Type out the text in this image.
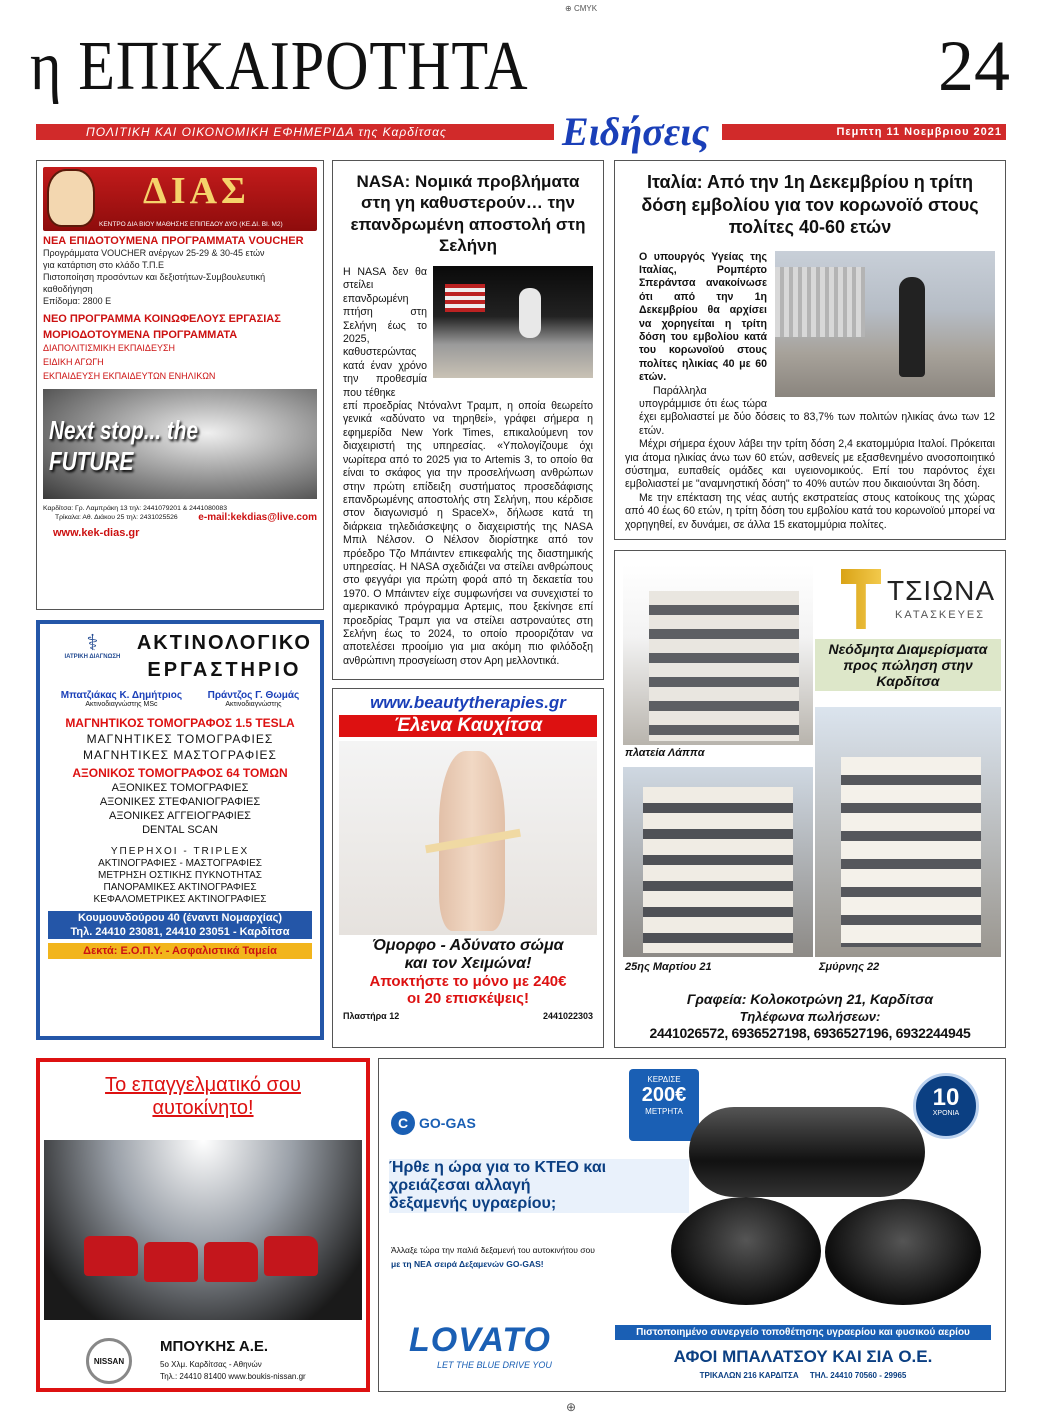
⊕ CMYK
η ΕΠΙΚΑΙΡΟΤΗΤΑ	24
ΠΟΛΙΤΙΚΗ ΚΑΙ ΟΙΚΟΝΟΜΙΚΗ ΕΦΗΜΕΡΙΔΑ της Καρδίτσας	Ειδήσεις	Πεμπτη 11 Νοεμβριου 2021
ΔΙΑΣ
ΚΕΝΤΡΟ ΔΙΑ ΒΙΟΥ ΜΑΘΗΣΗΣ ΕΠΙΠΕΔΟΥ ΔΥΟ (ΚΕ.ΔΙ. ΒΙ. Μ2)
ΝΕΑ ΕΠΙΔΟΤΟΥΜΕΝΑ ΠΡΟΓΡΑΜΜΑΤΑ VOUCHER
Προγράμματα VOUCHER ανέργων 25-29 & 30-45 ετών
για κατάρτιση στο κλάδο Τ.Π.Ε
Πιστοποίηση προσόντων και δεξιοτήτων-Συμβουλευτική καθοδήγηση
Επίδομα: 2800 Ε
ΝΕΟ ΠΡΟΓΡΑΜΜΑ ΚΟΙΝΩΦΕΛΟΥΣ ΕΡΓΑΣΙΑΣ
ΜΟΡΙΟΔΟΤΟΥΜΕΝΑ ΠΡΟΓΡΑΜΜΑΤΑ
ΔΙΑΠΟΛΙΤΙΣΜΙΚΗ ΕΚΠΑΙΔΕΥΣΗ
ΕΙΔΙΚΗ ΑΓΩΓΗ
ΕΚΠΑΙΔΕΥΣΗ ΕΚΠΑΙΔΕΥΤΩΝ ΕΝΗΛΙΚΩΝ
Next stop... the FUTURE
Καρδίτσα: Γρ. Λαμπράκη 13 τηλ: 2441079201 & 2441080083
Τρίκαλα: Αθ. Διάκου 25 τηλ: 2431025526 e-mail:kekdias@live.com
www.kek-dias.gr
⚕
ΙΑΤΡΙΚΗ ΔΙΑΓΝΩΣΗ
ΑΚΤΙΝΟΛΟΓΙΚΟ
ΕΡΓΑΣΤΗΡΙΟ
Μπατζιάκας Κ. Δημήτριος
Ακτινοδιαγνώστης MSc
Πράντζος Γ. Θωμάς
Ακτινοδιαγνώστης
ΜΑΓΝΗΤΙΚΟΣ ΤΟΜΟΓΡΑΦΟΣ 1.5 TESLA
ΜΑΓΝΗΤΙΚΕΣ ΤΟΜΟΓΡΑΦΙΕΣ
ΜΑΓΝΗΤΙΚΕΣ ΜΑΣΤΟΓΡΑΦΙΕΣ
ΑΞΟΝΙΚΟΣ ΤΟΜΟΓΡΑΦΟΣ 64 ΤΟΜΩΝ
ΑΞΟΝΙΚΕΣ ΤΟΜΟΓΡΑΦΙΕΣ
ΑΞΟΝΙΚΕΣ ΣΤΕΦΑΝΙΟΓΡΑΦΙΕΣ
ΑΞΟΝΙΚΕΣ ΑΓΓΕΙΟΓΡΑΦΙΕΣ
DENTAL SCAN
ΥΠΕΡΗΧΟΙ - TRIPLEX
ΑΚΤΙΝΟΓΡΑΦΙΕΣ - ΜΑΣΤΟΓΡΑΦΙΕΣ
ΜΕΤΡΗΣΗ ΟΣΤΙΚΗΣ ΠΥΚΝΟΤΗΤΑΣ
ΠΑΝΟΡΑΜΙΚΕΣ ΑΚΤΙΝΟΓΡΑΦΙΕΣ
ΚΕΦΑΛΟΜΕΤΡΙΚΕΣ ΑΚΤΙΝΟΓΡΑΦΙΕΣ
Κουμουνδούρου 40 (έναντι Νομαρχίας)
Τηλ. 24410 23081, 24410 23051 - Καρδίτσα
Δεκτά: Ε.Ο.Π.Υ. - Ασφαλιστικά Ταμεία
NASA: Νομικά προβλήματα στη γη καθυστερούν… την επανδρωμένη αποστολή στη Σελήνη
Η NASA δεν θα στείλει επανδρωμένη πτήση στη Σελήνη έως το 2025, καθυστερώντας κατά έναν χρόνο την προθεσμία που τέθηκε
επί προεδρίας Ντόναλντ Τραμπ, η οποία θεωρείτο γενικά «αδύνατο να τηρηθεί», γράφει σήμερα η εφημερίδα New York Times, επικαλούμενη τον διαχειριστή της υπηρεσίας. «Υπολογίζουμε όχι νωρίτερα από το 2025 για το Artemis 3, το οποίο θα είναι το σκάφος για την προσελήνωση ανθρώπων στην πρώτη επίδειξη συστήματος προσεδάφισης επανδρωμένης αποστολής στη Σελήνη, που κέρδισε στον διαγωνισμό η SpaceX», δήλωσε κατά τη διάρκεια τηλεδιάσκεψης ο διαχειριστής της NASA Μπιλ Νέλσον. Ο Νέλσον διορίστηκε από τον πρόεδρο Τζο Μπάιντεν επικεφαλής της διαστημικής υπηρεσίας. Η NASA σχεδιάζει να στείλει ανθρώπους στο φεγγάρι για πρώτη φορά από τη δεκαετία του 1970. Ο Μπάιντεν είχε συμφωνήσει να συνεχιστεί το αμερικανικό πρόγραμμα Αρτεμις, που ξεκίνησε επί προεδρίας Τραμπ για να στείλει αστροναύτες στη Σελήνη έως το 2024, το οποίο προοριζόταν να αποτελέσει προοίμιο για μια ακόμη πιο φιλόδοξη ανθρώπινη προσγείωση στον Αρη μελλοντικά.
Ιταλία: Από την 1η Δεκεμβρίου η τρίτη δόση εμβολίου για τον κορωνοϊό στους πολίτες 40-60 ετών
Ο υπουργός Υγείας της Ιταλίας, Ρομπέρτο Σπεράντσα ανακοίνωσε ότι από την 1η Δεκεμβρίου θα αρχίσει να χορηγείται η τρίτη δόση του εμβολίου κατά του κορωνοϊού στους πολίτες ηλικίας 40 με 60 ετών.
Παράλληλα υπογράμμισε ότι έως τώρα έχει εμβολιαστεί με δύο δόσεις το 83,7% των πολιτών ηλικίας άνω των 12 ετών.
Μέχρι σήμερα έχουν λάβει την τρίτη δόση 2,4 εκατομμύρια Ιταλοί. Πρόκειται για άτομα ηλικίας άνω των 60 ετών, ασθενείς με εξασθενημένο ανοσοποιητικό σύστημα, ευπαθείς ομάδες και υγειονομικούς. Επί του παρόντος έχει εμβολιαστεί με "αναμνηστική δόση" το 40% αυτών που δικαιούνται 3η δόση.
Με την επέκταση της νέας αυτής εκστρατείας στους κατοίκους της χώρας από 40 έως 60 ετών, η τρίτη δόση του εμβολίου κατά του κορωνοϊού μπορεί να χορηγηθεί, εν δυνάμει, σε άλλα 15 εκατομμύρια πολίτες.
www.beautytherapies.gr
Έλενα Καυχίτσα
Όμορφο - Αδύνατο σώμα
και τον Χειμώνα!
Αποκτήστε το μόνο με 240€
οι 20 επισκέψεις!
Πλαστήρα 12	2441022303
ΤΣΙΩΝΑ
ΚΑΤΑΣΚΕΥΕΣ
Νεόδμητα Διαμερίσματα
προς πώληση στην
Καρδίτσα
πλατεία Λάππα
25ης Μαρτίου 21	Σμύρνης 22
Γραφεία: Κολοκοτρώνη 21, Καρδίτσα
Τηλέφωνα πωλήσεων:
2441026572, 6936527198, 6936527196, 6932244945
Το επαγγελματικό σου
αυτοκίνητο!
NISSAN
ΜΠΟΥΚΗΣ Α.Ε.
5ο Χλμ. Καρδίτσας - Αθηνών
Τηλ.: 24410 81400 www.boukis-nissan.gr
C GO-GAS
ΚΕΡΔΙΣΕ
200€
ΜΕΤΡΗΤΑ
10
ΧΡΟΝΙΑ
Ήρθε η ώρα για το ΚΤΕΟ και
χρειάζεσαι αλλαγή
δεξαμενής υγραερίου;
Άλλαξε τώρα την παλιά δεξαμενή του αυτοκινήτου σου
με τη ΝΕΑ σειρά Δεξαμενών GO-GAS!
LOVATO
LET THE BLUE DRIVE YOU
Πιστοποιημένο συνεργείο τοποθέτησης υγραερίου και φυσικού αερίου
ΑΦΟΙ ΜΠΑΛΑΤΣΟΥ ΚΑΙ ΣΙΑ Ο.Ε.
ΤΡΙΚΑΛΩΝ 216 ΚΑΡΔΙΤΣΑ     ΤΗΛ. 24410 70560 - 29965
⊕
